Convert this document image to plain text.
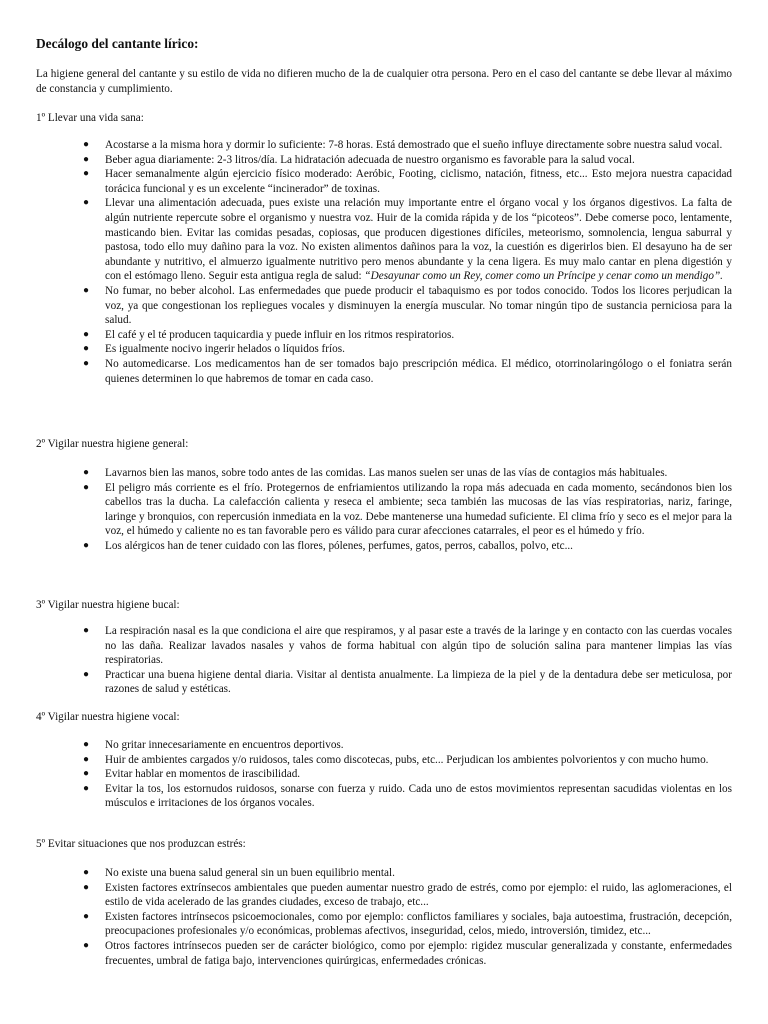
Decálogo del cantante lírico:
La higiene general del cantante y su estilo de vida no difieren mucho de la de cualquier otra persona. Pero en el caso del cantante se debe llevar al máximo de constancia y cumplimiento.
1º Llevar una vida sana:
● Acostarse a la misma hora y dormir lo suficiente: 7-8 horas. Está demostrado que el sueño influye directamente sobre nuestra salud vocal.
● Beber agua diariamente: 2-3 litros/día. La hidratación adecuada de nuestro organismo es favorable para la salud vocal.
● Hacer semanalmente algún ejercicio físico moderado: Aeróbic, Footing, ciclismo, natación, fitness, etc... Esto mejora nuestra capacidad torácica funcional y es un excelente “incinerador” de toxinas.
● Llevar una alimentación adecuada, pues existe una relación muy importante entre el órgano vocal y los órganos digestivos. La falta de algún nutriente repercute sobre el organismo y nuestra voz. Huir de la comida rápida y de los “picoteos”. Debe comerse poco, lentamente, masticando bien. Evitar las comidas pesadas, copiosas, que producen digestiones difíciles, meteorismo, somnolencia, lengua saburral y pastosa, todo ello muy dañino para la voz. No existen alimentos dañinos para la voz, la cuestión es digerirlos bien. El desayuno ha de ser abundante y nutritivo, el almuerzo igualmente nutritivo pero menos abundante y la cena ligera. Es muy malo cantar en plena digestión y con el estómago lleno. Seguir esta antigua regla de salud: “Desayunar como un Rey, comer como un Príncipe y cenar como un mendigo”.
● No fumar, no beber alcohol. Las enfermedades que puede producir el tabaquismo es por todos conocido. Todos los licores perjudican la voz, ya que congestionan los repliegues vocales y disminuyen la energía muscular. No tomar ningún tipo de sustancia perniciosa para la salud.
● El café y el té producen taquicardia y puede influir en los ritmos respiratorios.
● Es igualmente nocivo ingerir helados o líquidos fríos.
● No automedicarse. Los medicamentos han de ser tomados bajo prescripción médica. El médico, otorrinolaringólogo o el foniatra serán quienes determinen lo que habremos de tomar en cada caso.
2º Vigilar nuestra higiene general:
● Lavarnos bien las manos, sobre todo antes de las comidas. Las manos suelen ser unas de las vías de contagios más habituales.
● El peligro más corriente es el frío. Protegernos de enfriamientos utilizando la ropa más adecuada en cada momento, secándonos bien los cabellos tras la ducha. La calefacción calienta y reseca el ambiente; seca también las mucosas de las vías respiratorias, nariz, faringe, laringe y bronquios, con repercusión inmediata en la voz. Debe mantenerse una humedad suficiente. El clima frío y seco es el mejor para la voz, el húmedo y caliente no es tan favorable pero es válido para curar afecciones catarrales, el peor es el húmedo y frío.
● Los alérgicos han de tener cuidado con las flores, pólenes, perfumes, gatos, perros, caballos, polvo, etc...
3º Vigilar nuestra higiene bucal:
● La respiración nasal es la que condiciona el aire que respiramos, y al pasar este a través de la laringe y en contacto con las cuerdas vocales no las daña. Realizar lavados nasales y vahos de forma habitual con algún tipo de solución salina para mantener limpias las vías respiratorias.
● Practicar una buena higiene dental diaria. Visitar al dentista anualmente. La limpieza de la piel y de la dentadura debe ser meticulosa, por razones de salud y estéticas.
4º Vigilar nuestra higiene vocal:
● No gritar innecesariamente en encuentros deportivos.
● Huir de ambientes cargados y/o ruidosos, tales como discotecas, pubs, etc... Perjudican los ambientes polvorientos y con mucho humo.
● Evitar hablar en momentos de irascibilidad.
● Evitar la tos, los estornudos ruidosos, sonarse con fuerza y ruido. Cada uno de estos movimientos representan sacudidas violentas en los músculos e irritaciones de los órganos vocales.
5º Evitar situaciones que nos produzcan estrés:
● No existe una buena salud general sin un buen equilibrio mental.
● Existen factores extrínsecos ambientales que pueden aumentar nuestro grado de estrés, como por ejemplo: el ruido, las aglomeraciones, el estilo de vida acelerado de las grandes ciudades, exceso de trabajo, etc...
● Existen factores intrínsecos psicoemocionales, como por ejemplo: conflictos familiares y sociales, baja autoestima, frustración, decepción, preocupaciones profesionales y/o económicas, problemas afectivos, inseguridad, celos, miedo, introversión, timidez, etc...
● Otros factores intrínsecos pueden ser de carácter biológico, como por ejemplo: rigidez muscular generalizada y constante, enfermedades frecuentes, umbral de fatiga bajo, intervenciones quirúrgicas, enfermedades crónicas.
